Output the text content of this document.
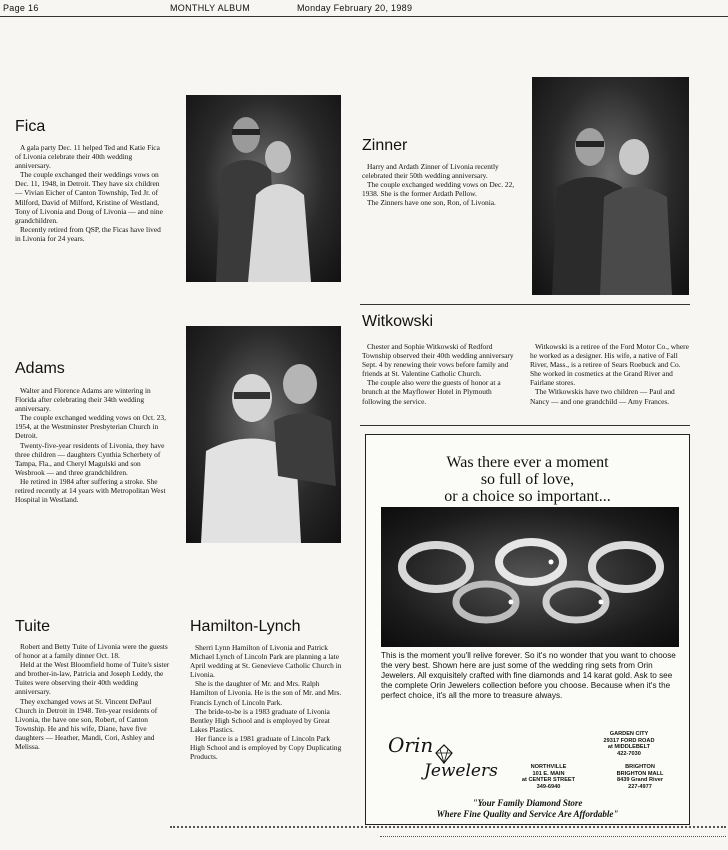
Page 16	MONTHLY ALBUM	Monday February 20, 1989
Fica

A gala party Dec. 11 helped Ted and Katie Fica of Livonia celebrate their 40th wedding anniversary.

The couple exchanged their weddings vows on Dec. 11, 1948, in Detroit. They have six children — Vivian Eicher of Canton Township, Ted Jr. of Milford, David of Milford, Kristine of Westland, Tony of Livonia and Doug of Livonia — and nine grandchildren.

Recently retired from QSP, the Ficas have lived in Livonia for 24 years.

Zinner

Harry and Ardath Zinner of Livonia recently celebrated their 50th wedding anniversary.

The couple exchanged wedding vows on Dec. 22, 1938. She is the former Ardath Pellow.

The Zinners have one son, Ron, of Livonia.

Witkowski

Chester and Sophie Witkowski of Redford Township observed their 40th wedding anniversary Sept. 4 by renewing their vows before family and friends at St. Valentine Catholic Church.

The couple also were the guests of honor at a brunch at the Mayflower Hotel in Plymouth following the service.

Witkowski is a retiree of the Ford Motor Co., where he worked as a designer. His wife, a native of Fall River, Mass., is a retiree of Sears Roebuck and Co. She worked in cosmetics at the Grand River and Fairlane stores.

The Witkowskis have two children — Paul and Nancy — and one grandchild — Amy Frances.

Adams

Walter and Florence Adams are wintering in Florida after celebrating their 34th wedding anniversary.

The couple exchanged wedding vows on Oct. 23, 1954, at the Westminster Presbyterian Church in Detroit.

Twenty-five-year residents of Livonia, they have three children — daughters Cynthia Scherbety of Tampa, Fla., and Cheryl Magulski and son Wesbrook — and three grandchildren.

He retired in 1984 after suffering a stroke. She retired recently at 14 years with Metropolitan West Hospital in Westland.

Tuite

Robert and Betty Tuite of Livonia were the guests of honor at a family dinner Oct. 18.

Held at the West Bloomfield home of Tuite's sister and brother-in-law, Patricia and Joseph Leddy, the Tuites were observing their 40th wedding anniversary.

They exchanged vows at St. Vincent DePaul Church in Detroit in 1948. Ten-year residents of Livonia, the have one son, Robert, of Canton Township. He and his wife, Diane, have five daughters — Heather, Mandi, Cori, Ashley and Melissa.

Hamilton-Lynch

Sherri Lynn Hamilton of Livonia and Patrick Michael Lynch of Lincoln Park are planning a late April wedding at St. Genevieve Catholic Church in Livonia.

She is the daughter of Mr. and Mrs. Ralph Hamilton of Livonia. He is the son of Mr. and Mrs. Francis Lynch of Lincoln Park.

The bride-to-be is a 1983 graduate of Livonia Bentley High School and is employed by Great Lakes Plastics.

Her fiance is a 1981 graduate of Lincoln Park High School and is employed by Copy Duplicating Products.

Was there ever a moment
so full of love,
or a choice so important...
This is the moment you'll relive forever. So it's no wonder that you want to choose the very best. Shown here are just some of the wedding ring sets from Orin Jewelers. All exquisitely crafted with fine diamonds and 14 karat gold. Ask to see the complete Orin Jewelers collection before you choose. Because when it's the perfect choice, it's all the more to treasure always.
Orin
Jewelers
GARDEN CITY
29317 FORD ROAD
at MIDDLEBELT
422-7030
NORTHVILLE
101 E. MAIN
at CENTER STREET
349-6940
BRIGHTON
BRIGHTON MALL
8439 Grand River
227-4977
"Your Family Diamond Store
Where Fine Quality and Service Are Affordable"
